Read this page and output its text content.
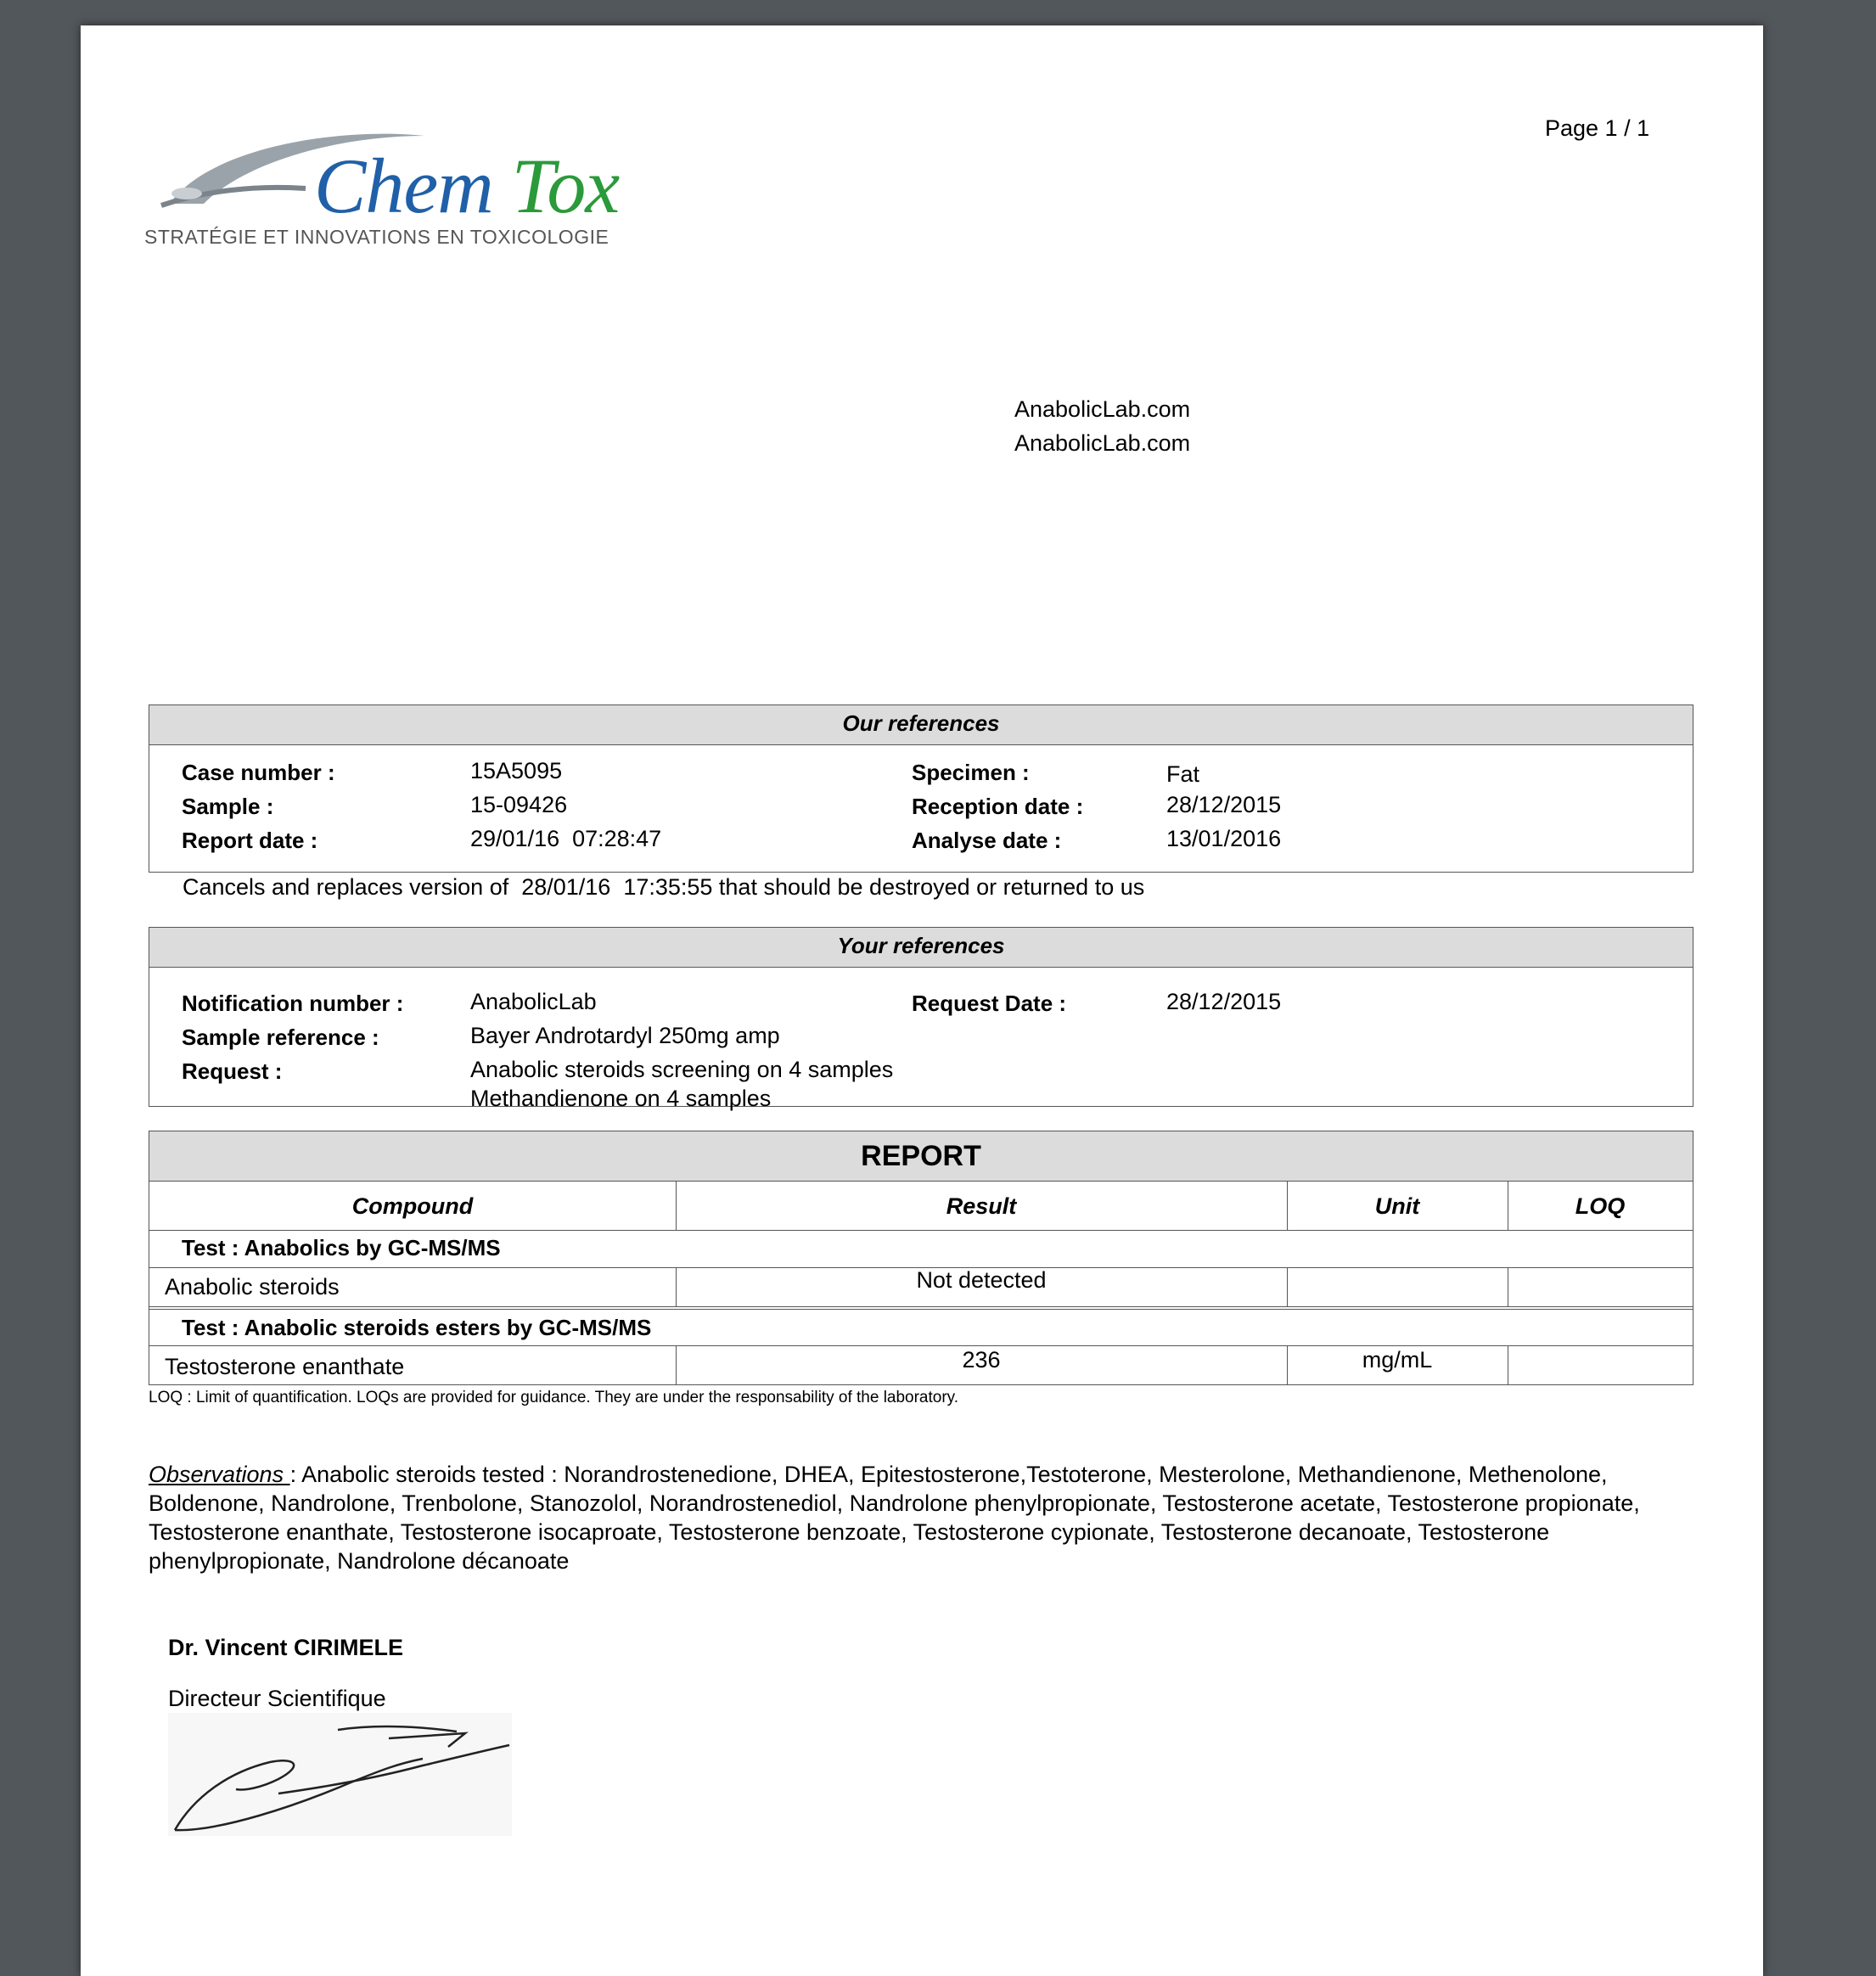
Chem Tox
STRATÉGIE ET INNOVATIONS EN TOXICOLOGIE
Page 1 / 1
AnabolicLab.com
AnabolicLab.com
Our references
Case number :	15A5095
Sample :	15-09426
Report date :	29/01/16  07:28:47
Specimen :	Fat
Reception date :	28/12/2015
Analyse date :	13/01/2016
Cancels and replaces version of  28/01/16  17:35:55 that should be destroyed or returned to us
Your references
Notification number :	AnabolicLab
Sample reference :	Bayer Androtardyl 250mg amp
Request :	Anabolic steroids screening on 4 samples
Methandienone on 4 samples
Request Date :	28/12/2015
REPORT
Compound	Result	Unit	LOQ
Test : Anabolics by GC-MS/MS
Anabolic steroids	Not detected
Test : Anabolic steroids esters by GC-MS/MS
Testosterone enanthate	236	mg/mL
LOQ : Limit of quantification. LOQs are provided for guidance. They are under the responsability of the laboratory.
Observations : Anabolic steroids tested : Norandrostenedione, DHEA, Epitestosterone,Testoterone, Mesterolone, Methandienone, Methenolone, Boldenone, Nandrolone, Trenbolone, Stanozolol, Norandrostenediol, Nandrolone phenylpropionate, Testosterone acetate, Testosterone propionate, Testosterone enanthate, Testosterone isocaproate, Testosterone benzoate, Testosterone cypionate, Testosterone decanoate, Testosterone phenylpropionate, Nandrolone décanoate
Dr. Vincent CIRIMELE
Directeur Scientifique
